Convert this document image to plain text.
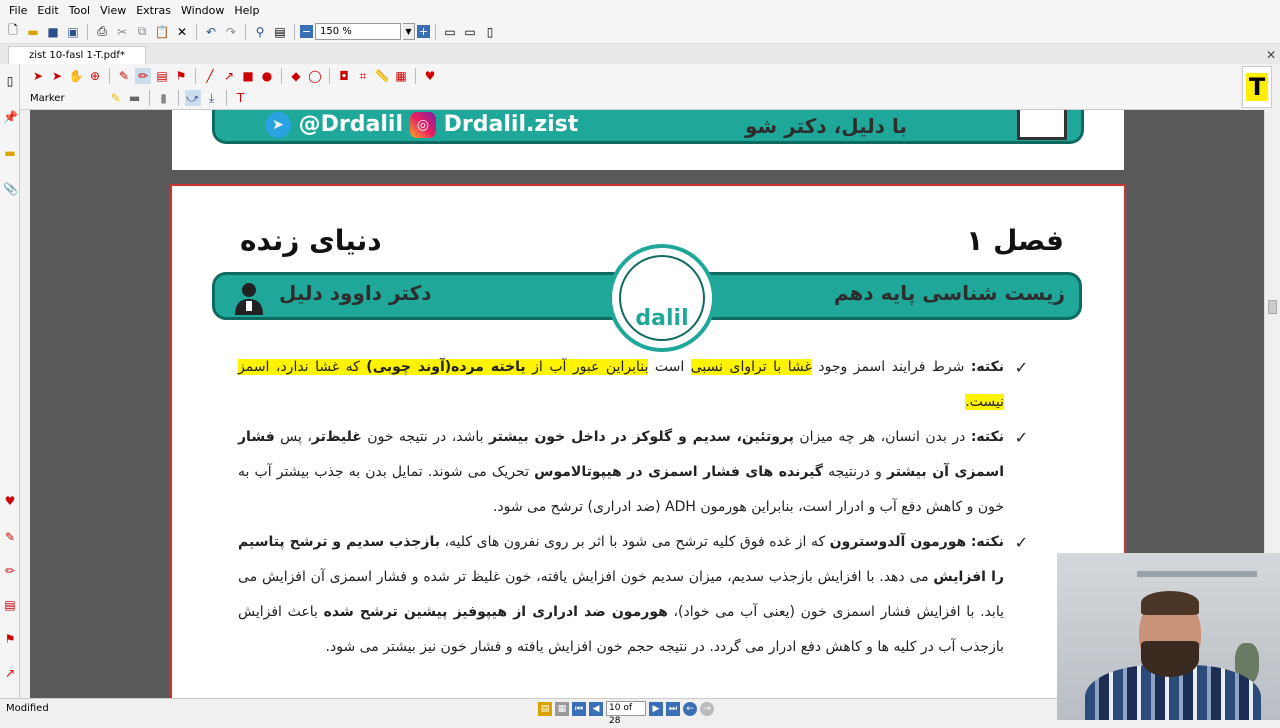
File Edit Tool View Extras Window Help
🗋 ▬ ■ ▣	⎙ ✂ ⧉ 📋 ✕	↶ ↷	⚲ ▤	− 150 %	▼ + ▭ ▭ ▯
zist 10-fasl 1-T.pdf*	✕
➤ ➤ ✋ ⊕ ✎ ✏ ▤ ⚑	╱ ↗ ■ ● ◆ ◯ ◘ ⌗ 📏 ▦ ♥
Marker	✎ ▬	▮	⤻ ⤓	T	T
▯
📌
▬
📎
♥
✎
✏
▤
⚑
↗
➤ @Drdalil ◎ Drdalil.zist	با دلیل، دکتر شو
فصل ۱
دنیای زنده
زیست شناسی پایه دهم
دکتر داوود دلیل
dalil

✓
نکته: شرط فرایند اسمز وجود غشا با تراوای نسبی است بنابراین عبور آب از یاخته مرده(آوند چوبی) که غشا ندارد، اسمز نیست.

✓
نکته: در بدن انسان، هر چه میزان پروتئین، سدیم و گلوکز در داخل خون بیشتر باشد، در نتیجه خون غلیظ‌تر، پس فشار اسمزی آن بیشتر و درنتیجه گیرنده های فشار اسمزی در هیپوتالاموس تحریک می شوند. تمایل بدن به جذب بیشتر آب به خون و کاهش دفع آب و ادرار است، بنابراین هورمون ADH (ضد ادراری) ترشح می شود.

✓
نکته: هورمون آلدوسترون که از غده فوق کلیه ترشح می شود با اثر بر روی نفرون های کلیه، بازجذب سدیم و ترشح پتاسیم را افزایش می دهد. با افزایش بازجذب سدیم، میزان سدیم خون افزایش یافته، خون غلیظ تر شده و فشار اسمزی آن افزایش می یابد. با افزایش فشار اسمزی خون (یعنی آب می خواد)، هورمون ضد ادراری از هیپوفیز پیشین ترشح شده باعث افزایش بازجذب آب در کلیه ها و کاهش دفع ادرار می گردد. در نتیجه حجم خون افزایش یافته و فشار خون نیز بیشتر می شود.

Modified	▤ ▦ ⏮	◀	10 of 28
▶	⏭	←	→
